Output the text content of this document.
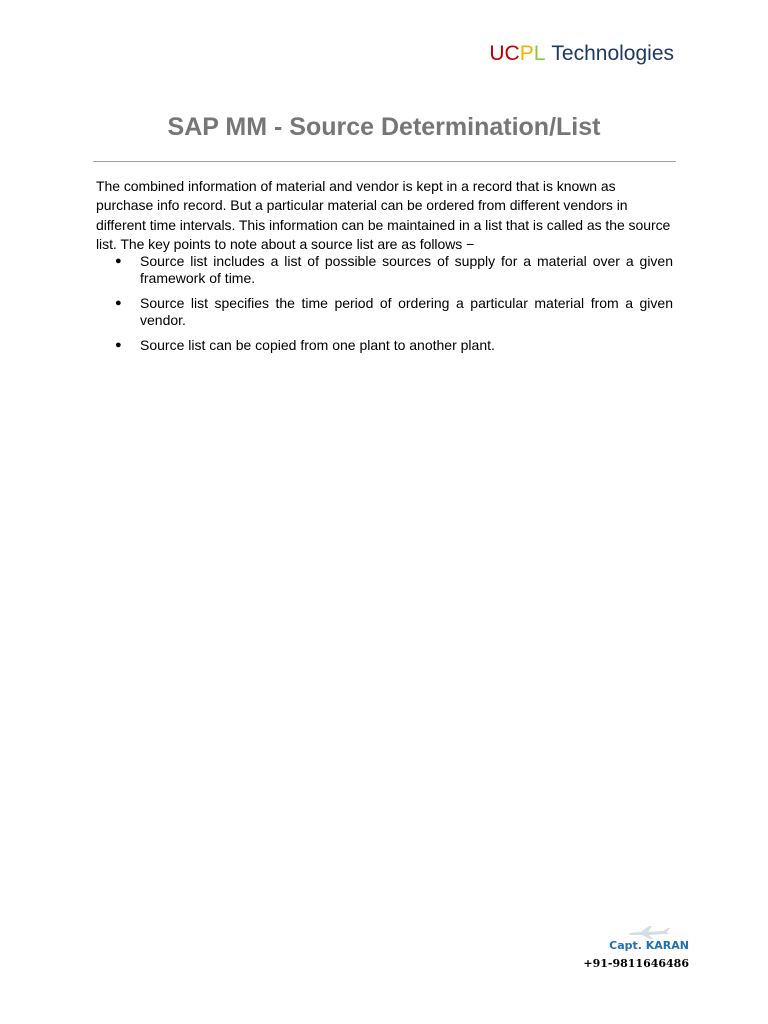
UCPL Technologies
SAP MM - Source Determination/List

The combined information of material and vendor is kept in a record that is known as purchase info record. But a particular material can be ordered from different vendors in different time intervals. This information can be maintained in a list that is called as the source list. The key points to note about a source list are as follows −

●	Source list includes a list of possible sources of supply for a material over a given framework of time.
●	Source list specifies the time period of ordering a particular material from a given vendor.
●	Source list can be copied from one plant to another plant.
Capt. KARAN
+91-9811646486
